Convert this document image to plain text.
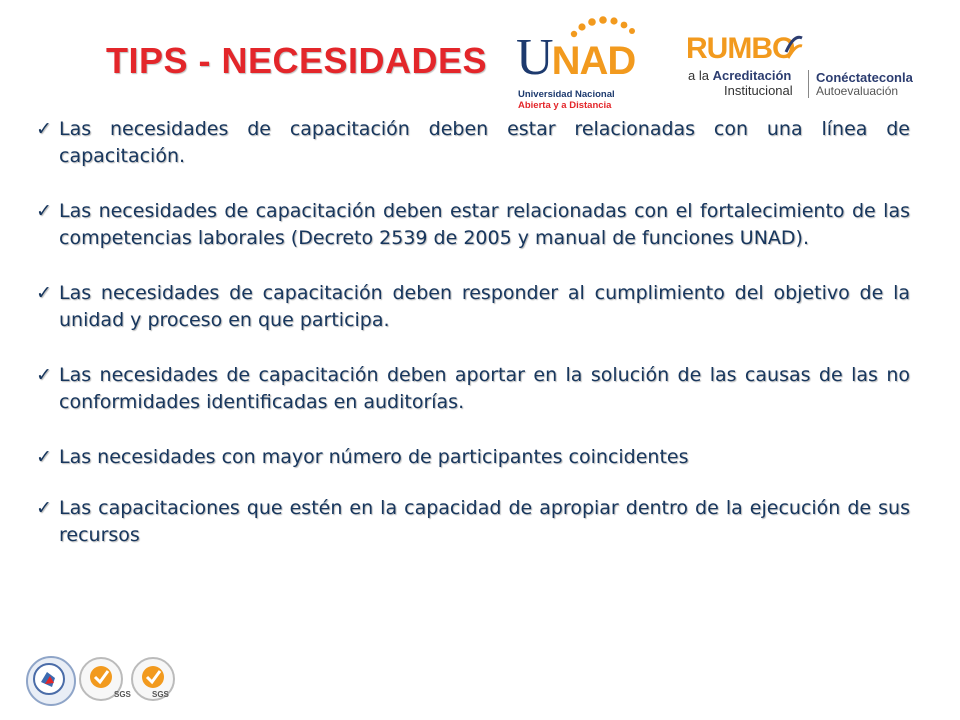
TIPS - NECESIDADES UNAD
Universidad Nacional
Abierta y a Distancia
RUMBO
a la Acreditación
Institucional
Conéctateconla
Autoevaluación
✓ Las necesidades de capacitación deben estar relacionadas con una línea de capacitación.
✓ Las necesidades de capacitación deben estar relacionadas con el fortalecimiento de las competencias laborales (Decreto 2539 de 2005 y manual de funciones UNAD).
✓ Las necesidades de capacitación deben responder al cumplimiento del objetivo de la unidad y proceso en que participa.
✓ Las necesidades de capacitación deben aportar en la solución de las causas de las no conformidades identificadas en auditorías.
✓ Las necesidades con mayor número de participantes coincidentes
✓ Las capacitaciones que estén en la capacidad de apropiar dentro de la ejecución de sus recursos
SGS	SGS
